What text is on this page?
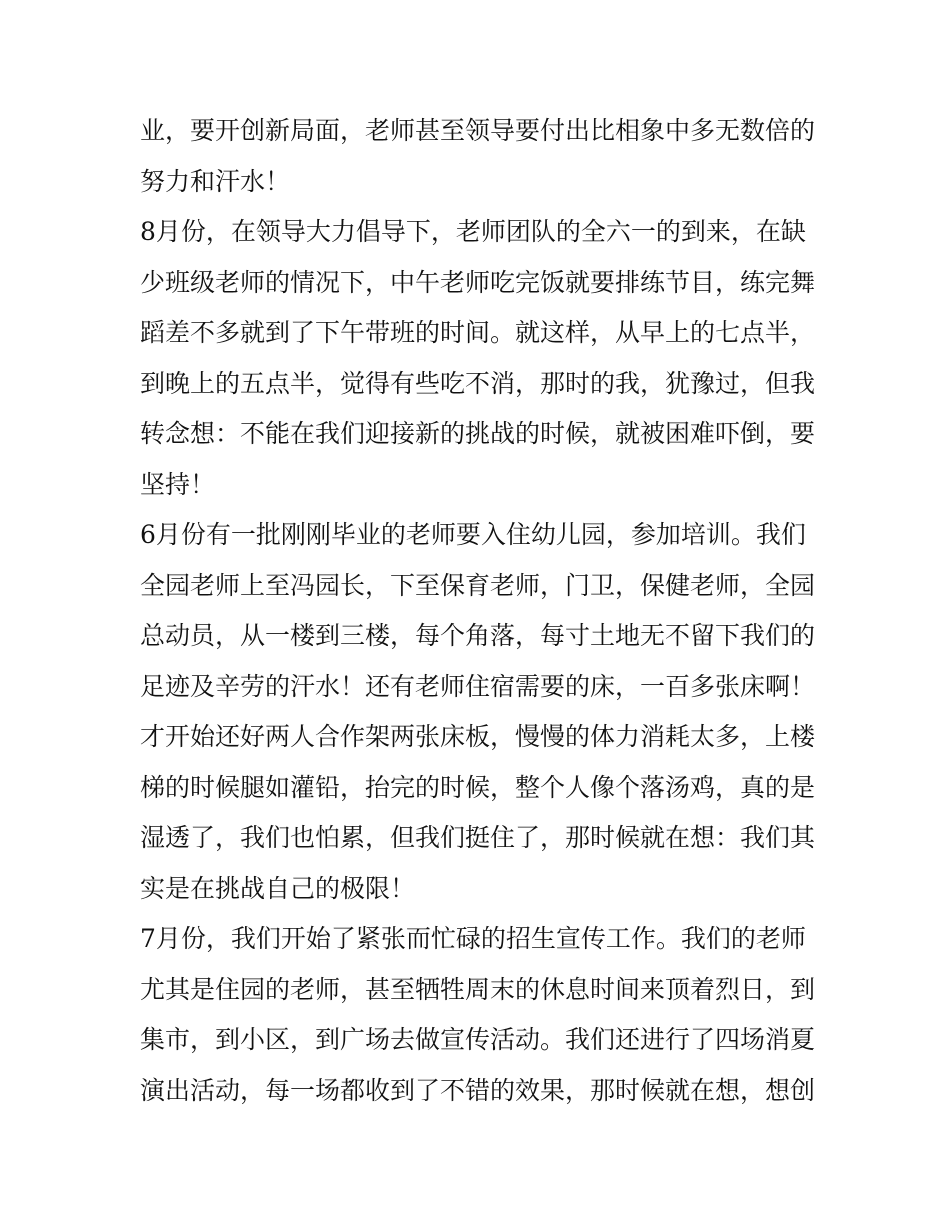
业，要开创新局面，老师甚至领导要付出比相象中多无数倍的
努力和汗水！
8月份，在领导大力倡导下，老师团队的全六一的到来，在缺
少班级老师的情况下，中午老师吃完饭就要排练节目，练完舞
蹈差不多就到了下午带班的时间。就这样，从早上的七点半，
到晚上的五点半，觉得有些吃不消，那时的我，犹豫过，但我
转念想：不能在我们迎接新的挑战的时候，就被困难吓倒，要
坚持！
6月份有一批刚刚毕业的老师要入住幼儿园，参加培训。我们
全园老师上至冯园长，下至保育老师，门卫，保健老师，全园
总动员，从一楼到三楼，每个角落，每寸土地无不留下我们的
足迹及辛劳的汗水！还有老师住宿需要的床，一百多张床啊！
才开始还好两人合作架两张床板，慢慢的体力消耗太多，上楼
梯的时候腿如灌铅，抬完的时候，整个人像个落汤鸡，真的是
湿透了，我们也怕累，但我们挺住了，那时候就在想：我们其
实是在挑战自己的极限！
7月份，我们开始了紧张而忙碌的招生宣传工作。我们的老师
尤其是住园的老师，甚至牺牲周末的休息时间来顶着烈日，到
集市，到小区，到广场去做宣传活动。我们还进行了四场消夏
演出活动，每一场都收到了不错的效果，那时候就在想，想创
